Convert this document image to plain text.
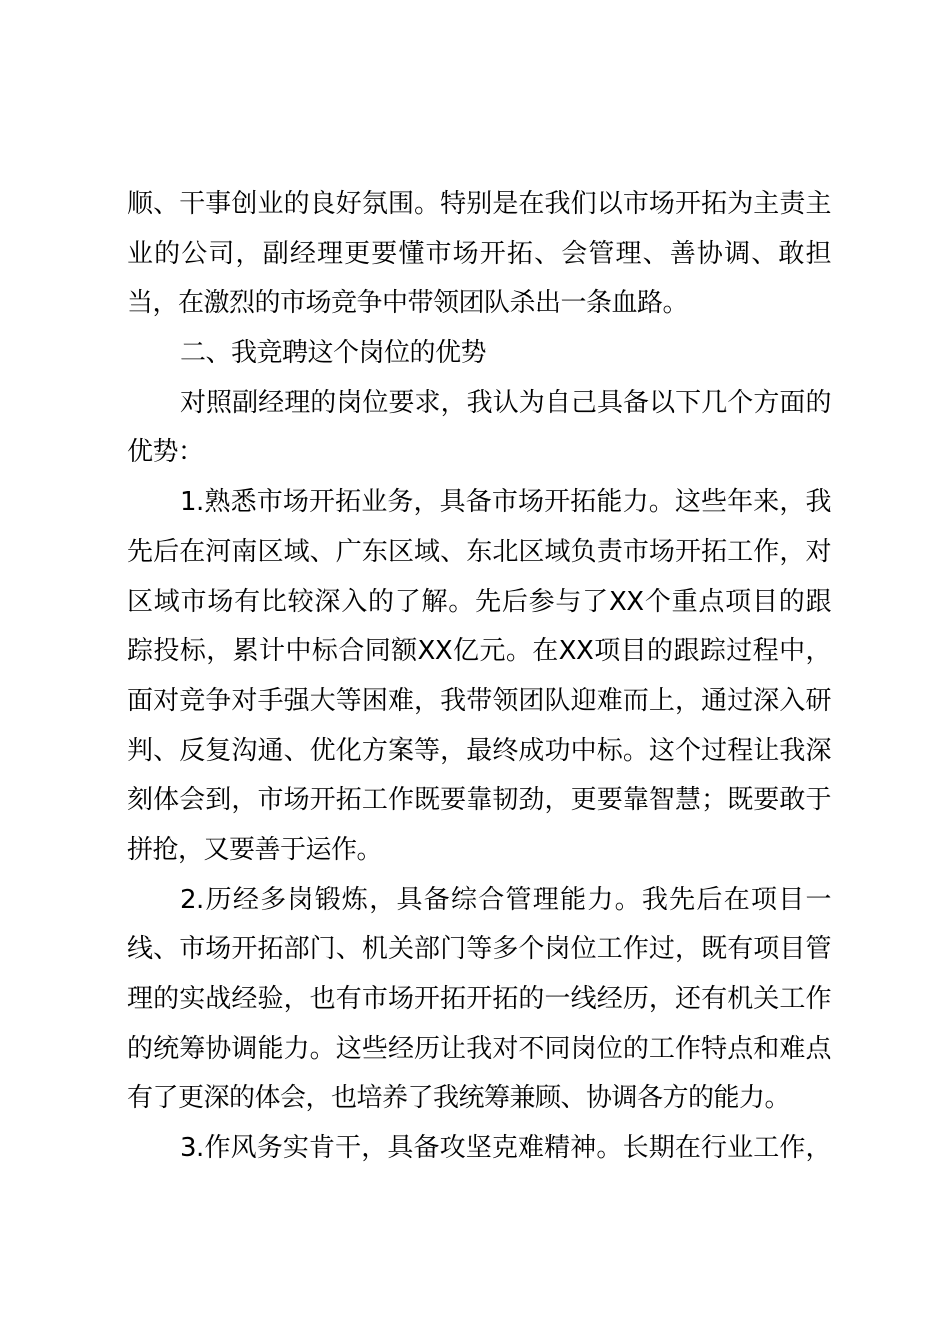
顺、干事创业的良好氛围。特别是在我们以市场开拓为主责主
业的公司，副经理更要懂市场开拓、会管理、善协调、敢担
当，在激烈的市场竞争中带领团队杀出一条血路。
二、我竞聘这个岗位的优势
对照副经理的岗位要求，我认为自己具备以下几个方面的
优势：
1.熟悉市场开拓业务，具备市场开拓能力。这些年来，我
先后在河南区域、广东区域、东北区域负责市场开拓工作，对
区域市场有比较深入的了解。先后参与了XX个重点项目的跟
踪投标，累计中标合同额XX亿元。在XX项目的跟踪过程中，
面对竞争对手强大等困难，我带领团队迎难而上，通过深入研
判、反复沟通、优化方案等，最终成功中标。这个过程让我深
刻体会到，市场开拓工作既要靠韧劲，更要靠智慧；既要敢于
拼抢，又要善于运作。
2.历经多岗锻炼，具备综合管理能力。我先后在项目一
线、市场开拓部门、机关部门等多个岗位工作过，既有项目管
理的实战经验，也有市场开拓开拓的一线经历，还有机关工作
的统筹协调能力。这些经历让我对不同岗位的工作特点和难点
有了更深的体会，也培养了我统筹兼顾、协调各方的能力。
3.作风务实肯干，具备攻坚克难精神。长期在行业工作，
